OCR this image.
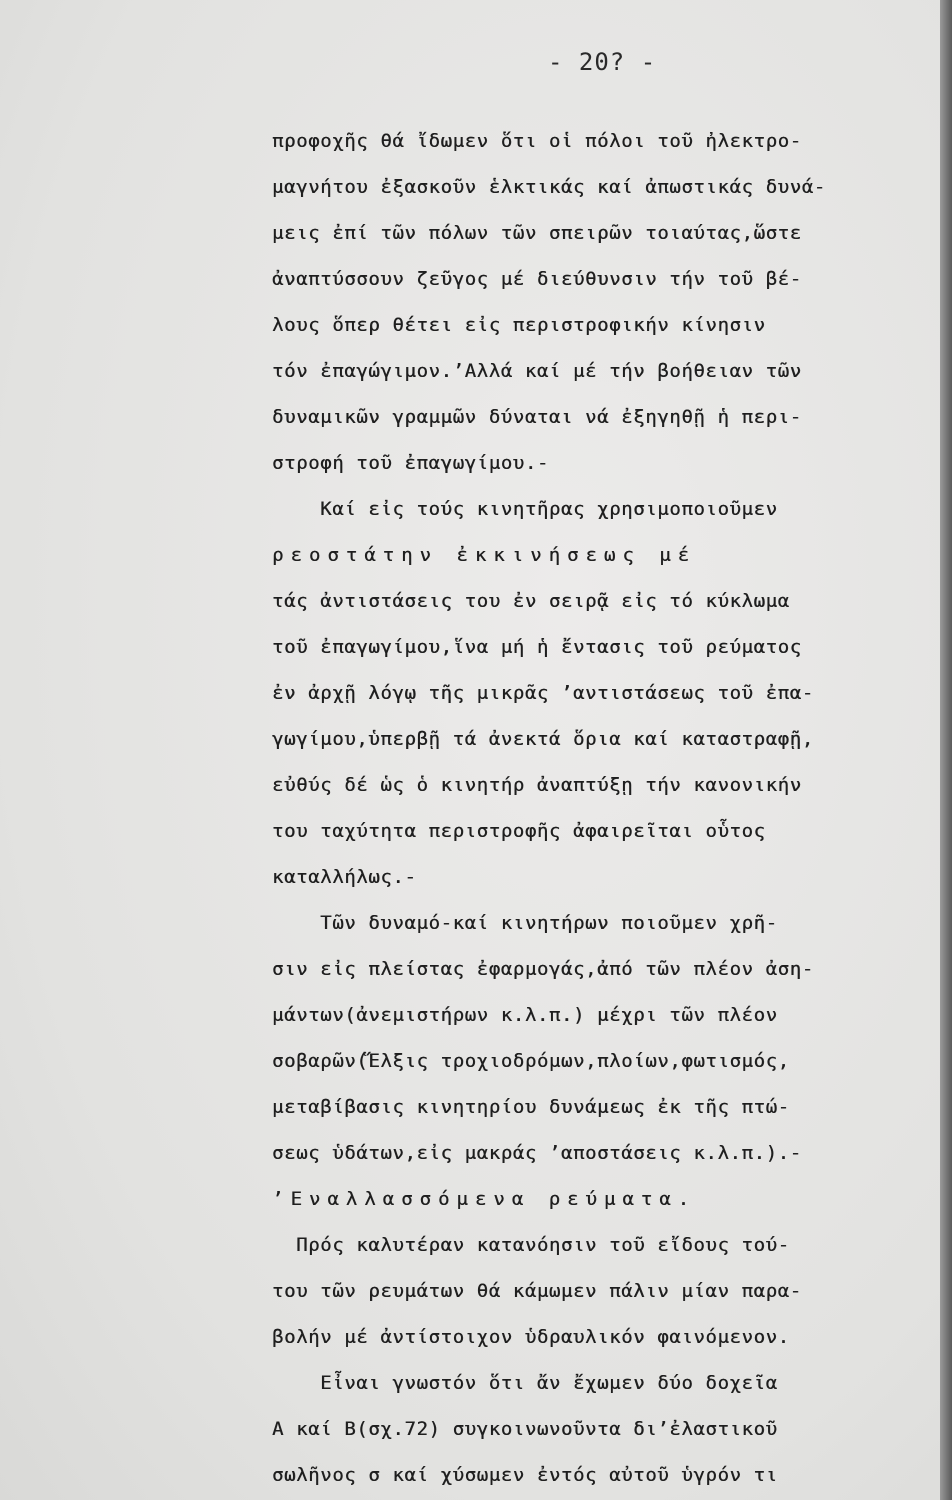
- 20? -
προφοχῆς θά ἴδωμεν ὅτι οἱ πόλοι τοῦ ἠλεκτρο-
μαγνήτου ἐξασκοῦν ἑλκτικάς καί ἀπωστικάς δυνά-
μεις ἐπί τῶν πόλων τῶν σπειρῶν τοιαύτας,ὥστε
ἀναπτύσσουν ζεῦγος μέ διεύθυνσιν τήν τοῦ βέ-
λους ὅπερ θέτει εἰς περιστροφικήν κίνησιν
τόν ἐπαγώγιμον.’Αλλά καί μέ τήν βοήθειαν τῶν
δυναμικῶν γραμμῶν δύναται νά ἐξηγηθῇ ἡ περι-
στροφή τοῦ ἐπαγωγίμου.-
Καί εἰς τούς κινητῆρας χρησιμοποιοῦμεν
ρεοστάτην ἐκκινήσεως μέ
τάς ἀντιστάσεις του ἐν σειρᾷ εἰς τό κύκλωμα
τοῦ ἐπαγωγίμου,ἵνα μή ἡ ἔντασις τοῦ ρεύματος
ἐν ἀρχῇ λόγῳ τῆς μικρᾶς ’αντιστάσεως τοῦ ἐπα-
γωγίμου,ὑπερβῇ τά ἀνεκτά ὅρια καί καταστραφῇ,
εὐθύς δέ ὡς ὁ κινητήρ ἀναπτύξῃ τήν κανονικήν
του ταχύτητα περιστροφῆς ἀφαιρεῖται οὗτος
καταλλήλως.-
Τῶν δυναμό-καί κινητήρων ποιοῦμεν χρῆ-
σιν εἰς πλείστας ἐφαρμογάς,ἀπό τῶν πλέον ἀση-
μάντων(ἀνεμιστήρων κ.λ.π.) μέχρι τῶν πλέον
σοβαρῶν(Ἕλξις τροχιοδρόμων,πλοίων,φωτισμός,
μεταβίβασις κινητηρίου δυνάμεως ἐκ τῆς πτώ-
σεως ὑδάτων,εἰς μακράς ’αποστάσεις κ.λ.π.).-
’Εναλλασσόμενα ρεύματα.
Πρός καλυτέραν κατανόησιν τοῦ εἴδους τού-
του τῶν ρευμάτων θά κάμωμεν πάλιν μίαν παρα-
βολήν μέ ἀντίστοιχον ὑδραυλικόν φαινόμενον.
Εἶναι γνωστόν ὅτι ἄν ἔχωμεν δύο δοχεῖα
Α καί Β(σχ.72) συγκοινωνοῦντα δι’ἐλαστικοῦ
σωλῆνος σ καί χύσωμεν ἐντός αὐτοῦ ὑγρόν τι
